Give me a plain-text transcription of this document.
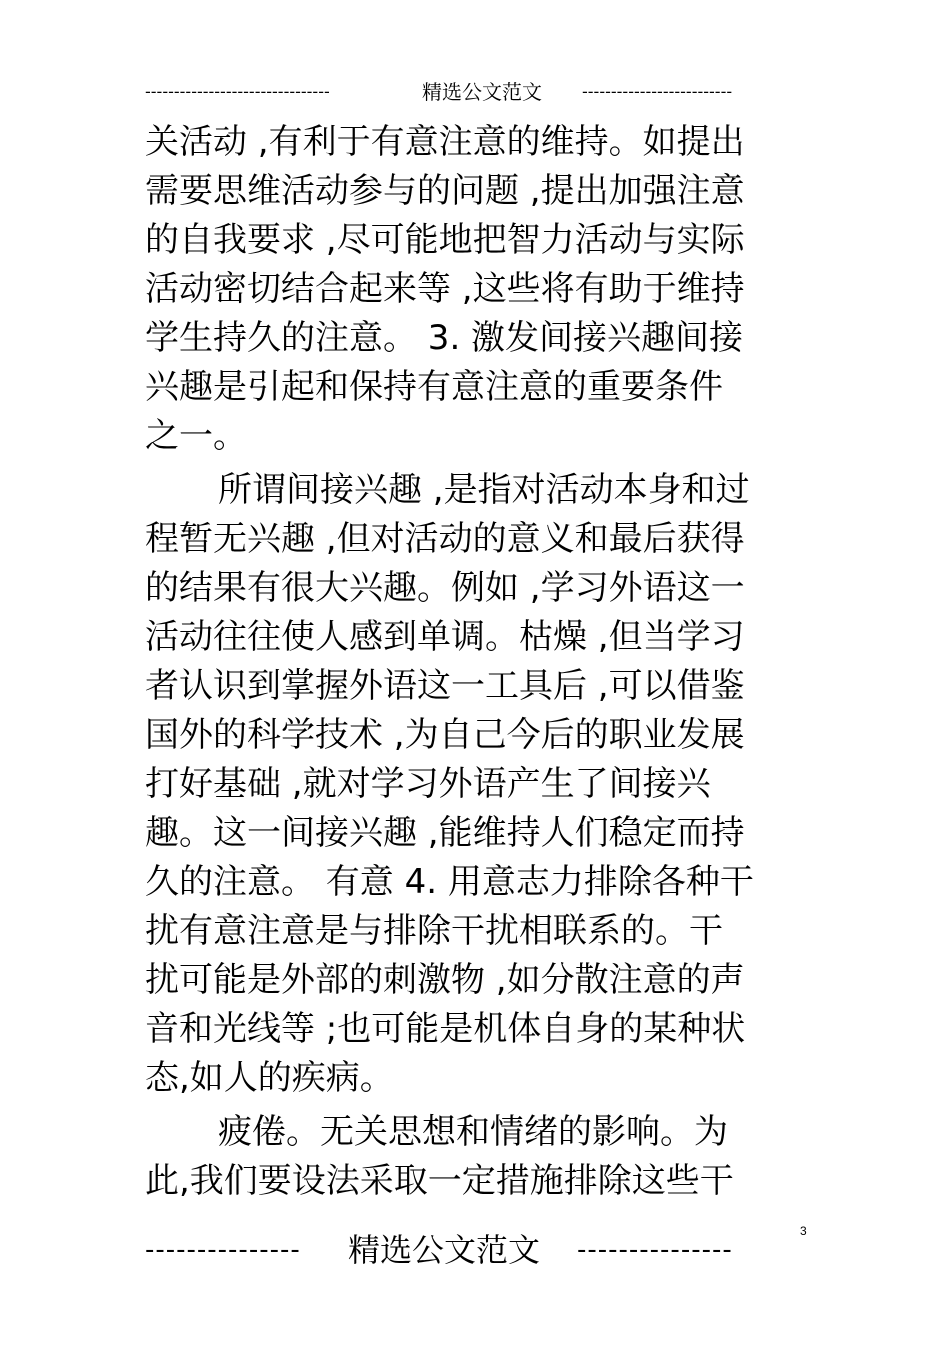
--------------------------------	精选公文范文	--------------------------
关活动 ,有利于有意注意的维持。如提出
需要思维活动参与的问题 ,提出加强注意
的自我要求 ,尽可能地把智力活动与实际
活动密切结合起来等 ,这些将有助于维持
学生持久的注意。 3. 激发间接兴趣间接
兴趣是引起和保持有意注意的重要条件
之一。
所谓间接兴趣 ,是指对活动本身和过
程暂无兴趣 ,但对活动的意义和最后获得
的结果有很大兴趣。例如 ,学习外语这一
活动往往使人感到单调。枯燥 ,但当学习
者认识到掌握外语这一工具后 ,可以借鉴
国外的科学技术 ,为自己今后的职业发展
打好基础 ,就对学习外语产生了间接兴
趣。这一间接兴趣 ,能维持人们稳定而持
久的注意。 有意 4. 用意志力排除各种干
扰有意注意是与排除干扰相联系的。干
扰可能是外部的刺激物 ,如分散注意的声
音和光线等 ;也可能是机体自身的某种状
态,如人的疾病。
疲倦。无关思想和情绪的影响。为
此,我们要设法采取一定措施排除这些干
3
--------------- 精选公文范文 ---------------
